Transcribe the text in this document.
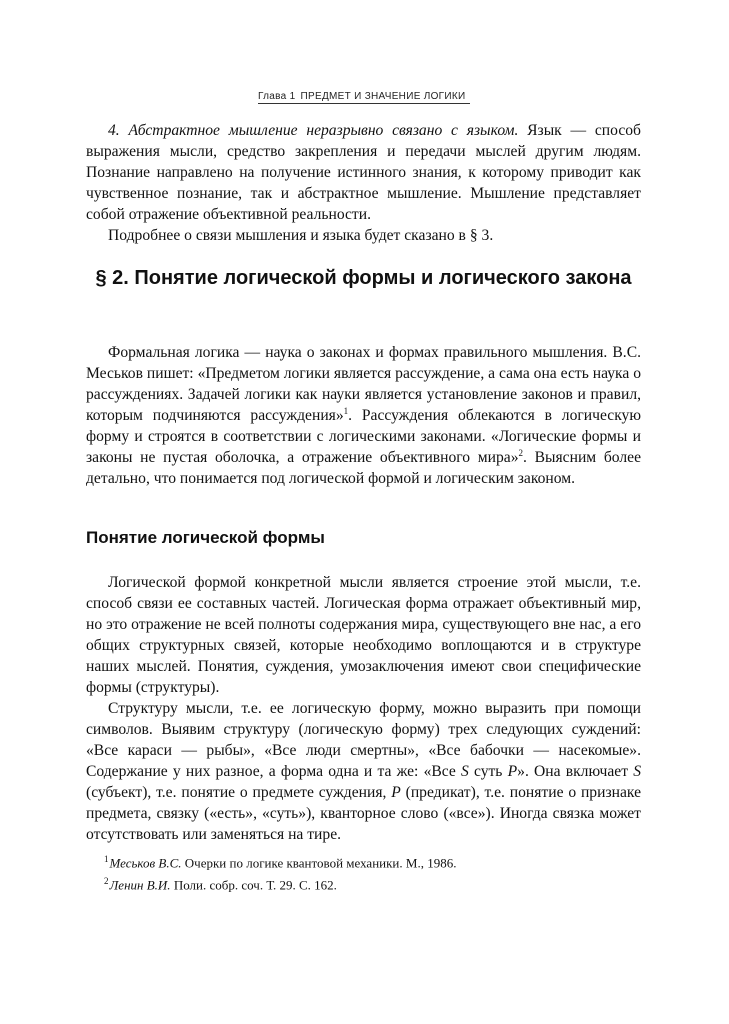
Глава 1 ПРЕДМЕТ И ЗНАЧЕНИЕ ЛОГИКИ

4. Абстрактное мышление неразрывно связано с языком. Язык — способ выражения мысли, средство закрепления и передачи мыслей другим людям. Познание направлено на получение истинного знания, к которому приводит как чувственное познание, так и абстрактное мышление. Мышление представляет собой отражение объективной реальности.

Подробнее о связи мышления и языка будет сказано в § 3.

§ 2. Понятие логической формы и логического закона

Формальная логика — наука о законах и формах правильного мышления. В.С. Меськов пишет: «Предметом логики является рассуждение, а сама она есть наука о рассуждениях. Задачей логики как науки является установление законов и правил, которым подчиняются рассуждения»$^1$. Рассуждения облекаются в логическую форму и строятся в соответствии с логическими законами. «Логические формы и законы не пустая оболочка, а отражение объективного мира»$^2$. Выясним более детально, что понимается под логической формой и логическим законом.

Понятие логической формы

Логической формой конкретной мысли является строение этой мысли, т.е. способ связи ее составных частей. Логическая форма отражает объективный мир, но это отражение не всей полноты содержания мира, существующего вне нас, а его общих структурных связей, которые необходимо воплощаются и в структуре наших мыслей. Понятия, суждения, умозаключения имеют свои специфические формы (структуры).

Структуру мысли, т.е. ее логическую форму, можно выразить при помощи символов. Выявим структуру (логическую форму) трех следующих суждений: «Все караси — рыбы», «Все люди смертны», «Все бабочки — насекомые». Содержание у них разное, а форма одна и та же: «Все S суть P». Она включает S (субъект), т.е. понятие о предмете суждения, P (предикат), т.е. понятие о признаке предмета, связку («есть», «суть»), кванторное слово («все»). Иногда связка может отсутствовать или заменяться на тире.

$^1$Меськов В.С. Очерки по логике квантовой механики. М., 1986.
$^2$Ленин В.И. Поли. собр. соч. Т. 29. С. 162.
